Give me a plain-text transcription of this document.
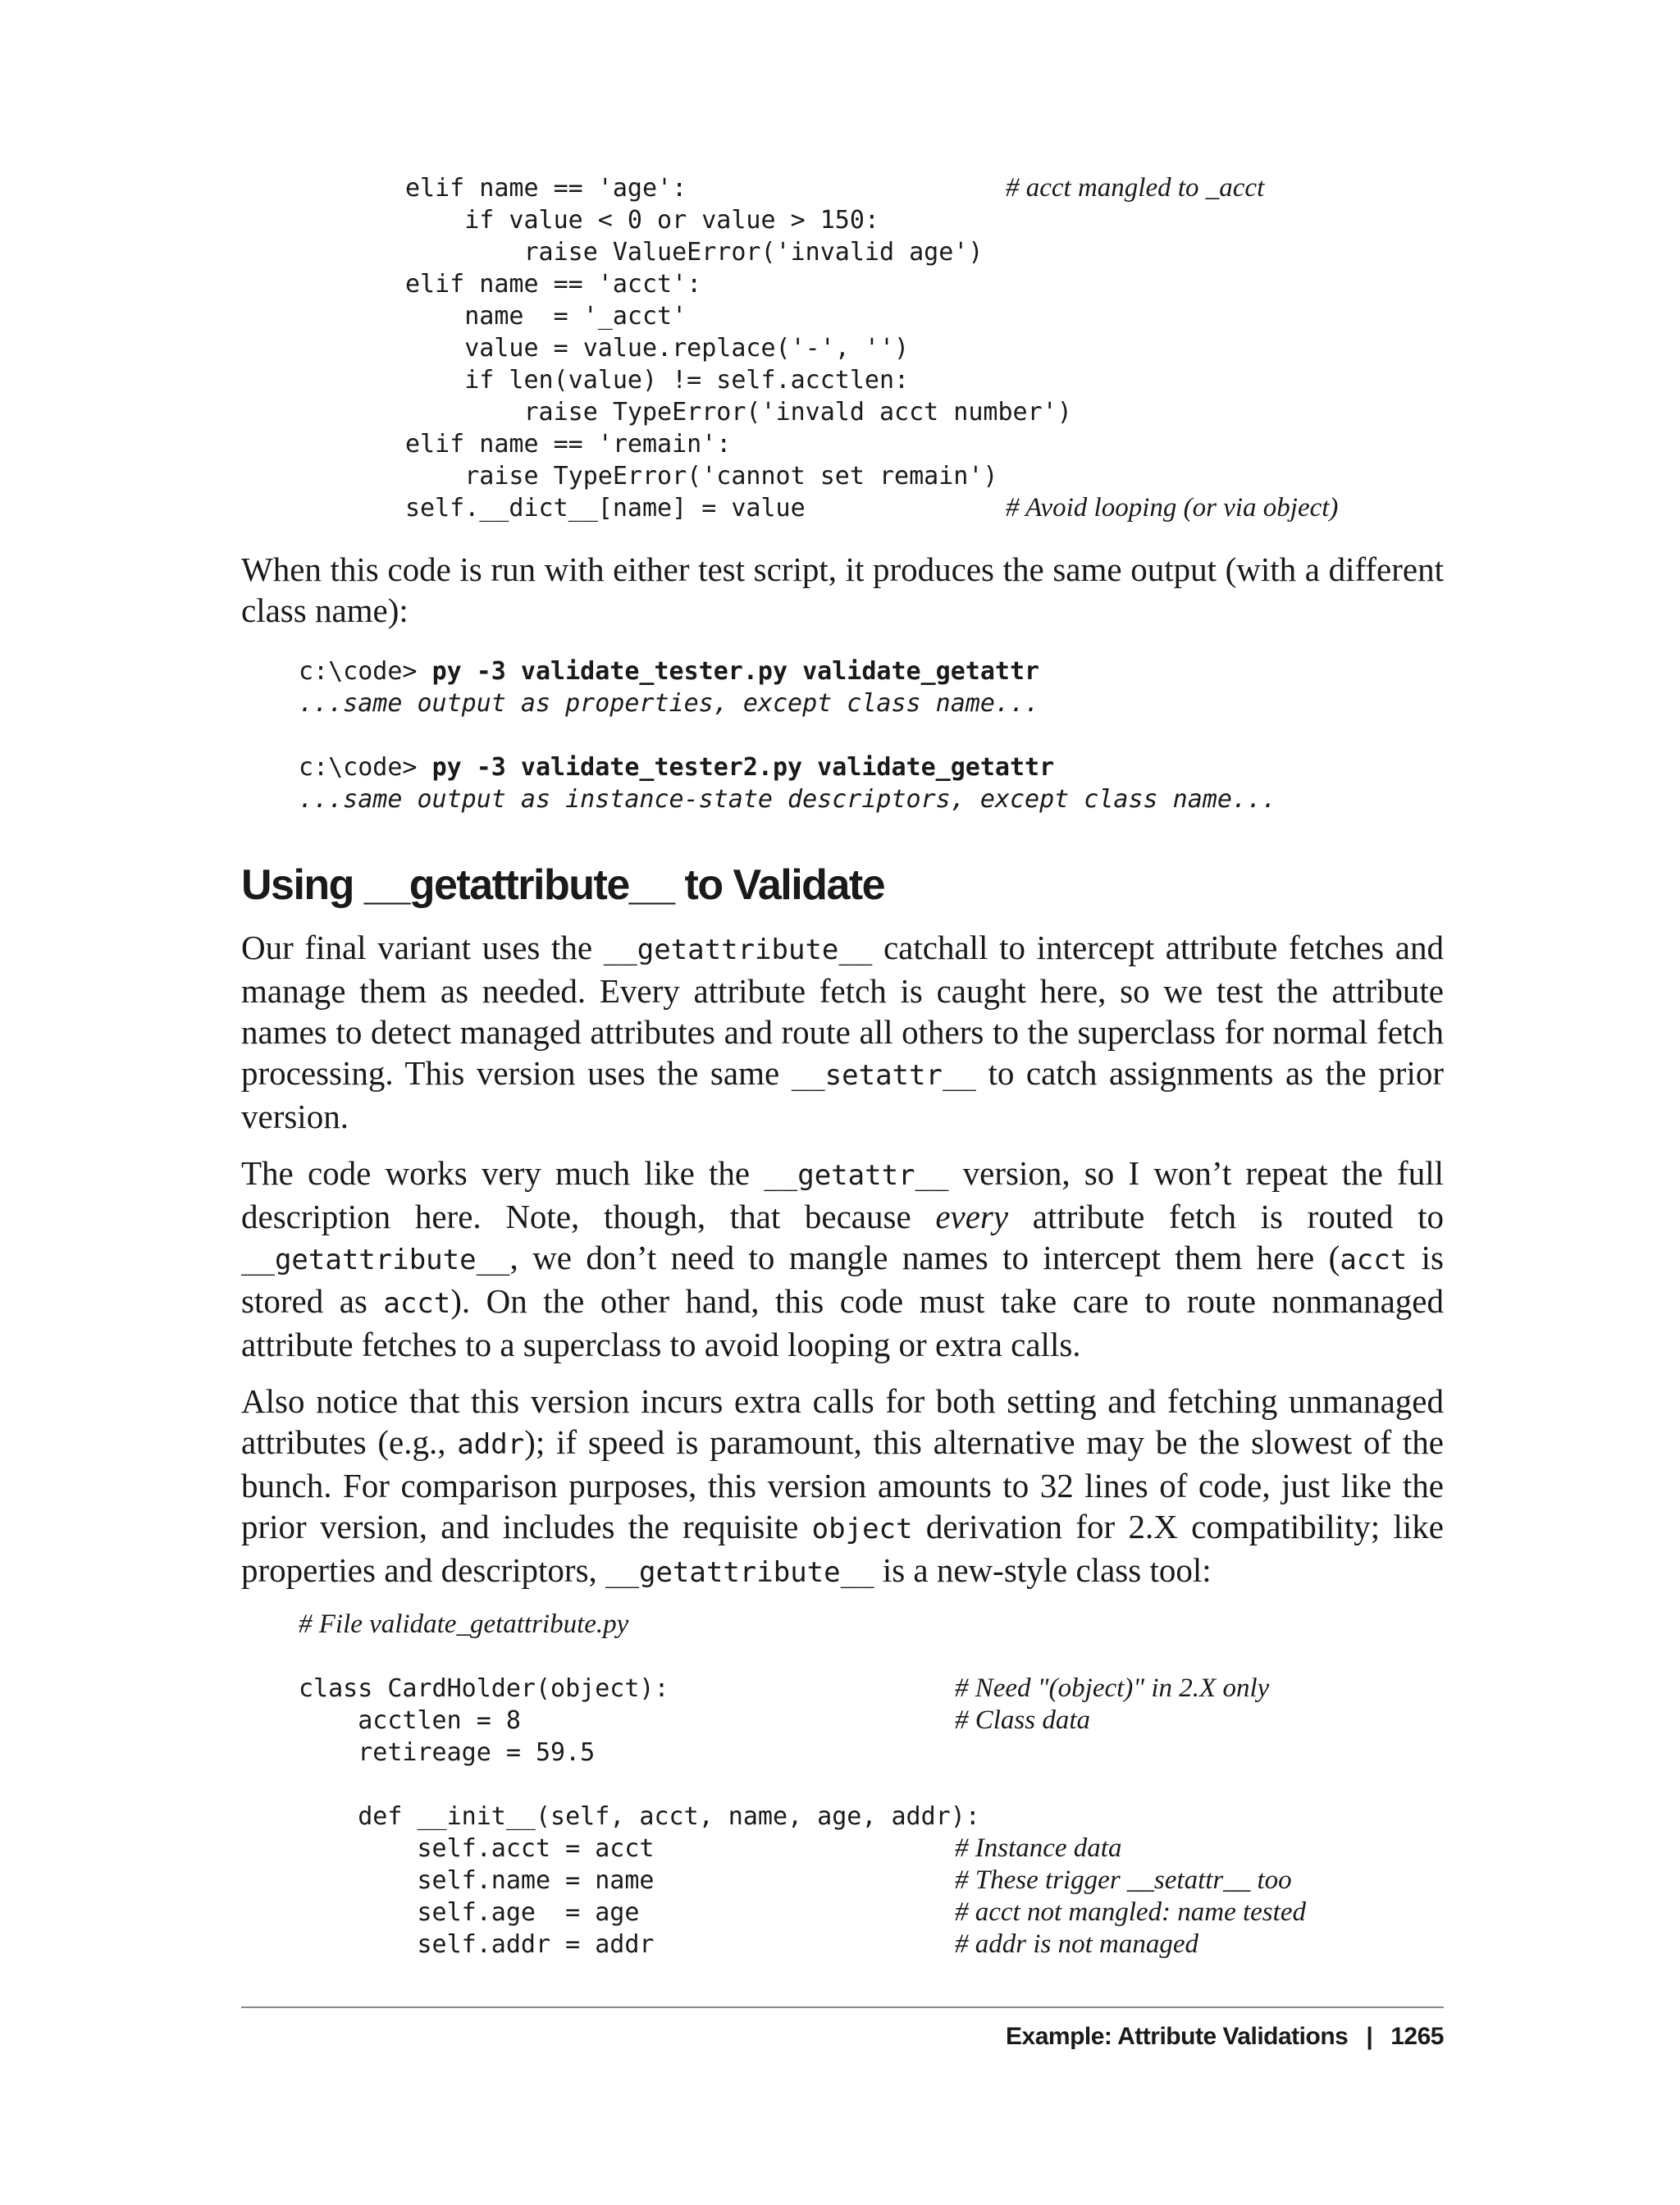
elif name == 'age':	# acct mangled to _acct
if value < 0 or value > 150:
raise ValueError('invalid age')
elif name == 'acct':
name  = '_acct'
value = value.replace('-', '')
if len(value) != self.acctlen:
raise TypeError('invald acct number')
elif name == 'remain':
raise TypeError('cannot set remain')
self.__dict__[name] = value	# Avoid looping (or via object)

When this code is run with either test script, it produces the same output (with a different class name):

c:\code> py -3 validate_tester.py validate_getattr
...same output as properties, except class name...
c:\code> py -3 validate_tester2.py validate_getattr
...same output as instance-state descriptors, except class name...
Using __getattribute__ to Validate

Our final variant uses the __getattribute__ catchall to intercept attribute fetches and manage them as needed. Every attribute fetch is caught here, so we test the attribute names to detect managed attributes and route all others to the superclass for normal fetch processing. This version uses the same __setattr__ to catch assignments as the prior version.

The code works very much like the __getattr__ version, so I won’t repeat the full description here. Note, though, that because every attribute fetch is routed to __getattribute__, we don’t need to mangle names to intercept them here (acct is stored as acct). On the other hand, this code must take care to route nonmanaged attribute fetches to a superclass to avoid looping or extra calls.

Also notice that this version incurs extra calls for both setting and fetching unmanaged attributes (e.g., addr); if speed is paramount, this alternative may be the slowest of the bunch. For comparison purposes, this version amounts to 32 lines of code, just like the prior version, and includes the requisite object derivation for 2.X compatibility; like properties and descriptors, __getattribute__ is a new-style class tool:

# File validate_getattribute.py
class CardHolder(object):	# Need "(object)" in 2.X only
acctlen = 8	# Class data
retireage = 59.5
def __init__(self, acct, name, age, addr):
self.acct = acct	# Instance data
self.name = name	# These trigger __setattr__ too
self.age  = age	# acct not mangled: name tested
self.addr = addr	# addr is not managed
Example: Attribute Validations | 1265
